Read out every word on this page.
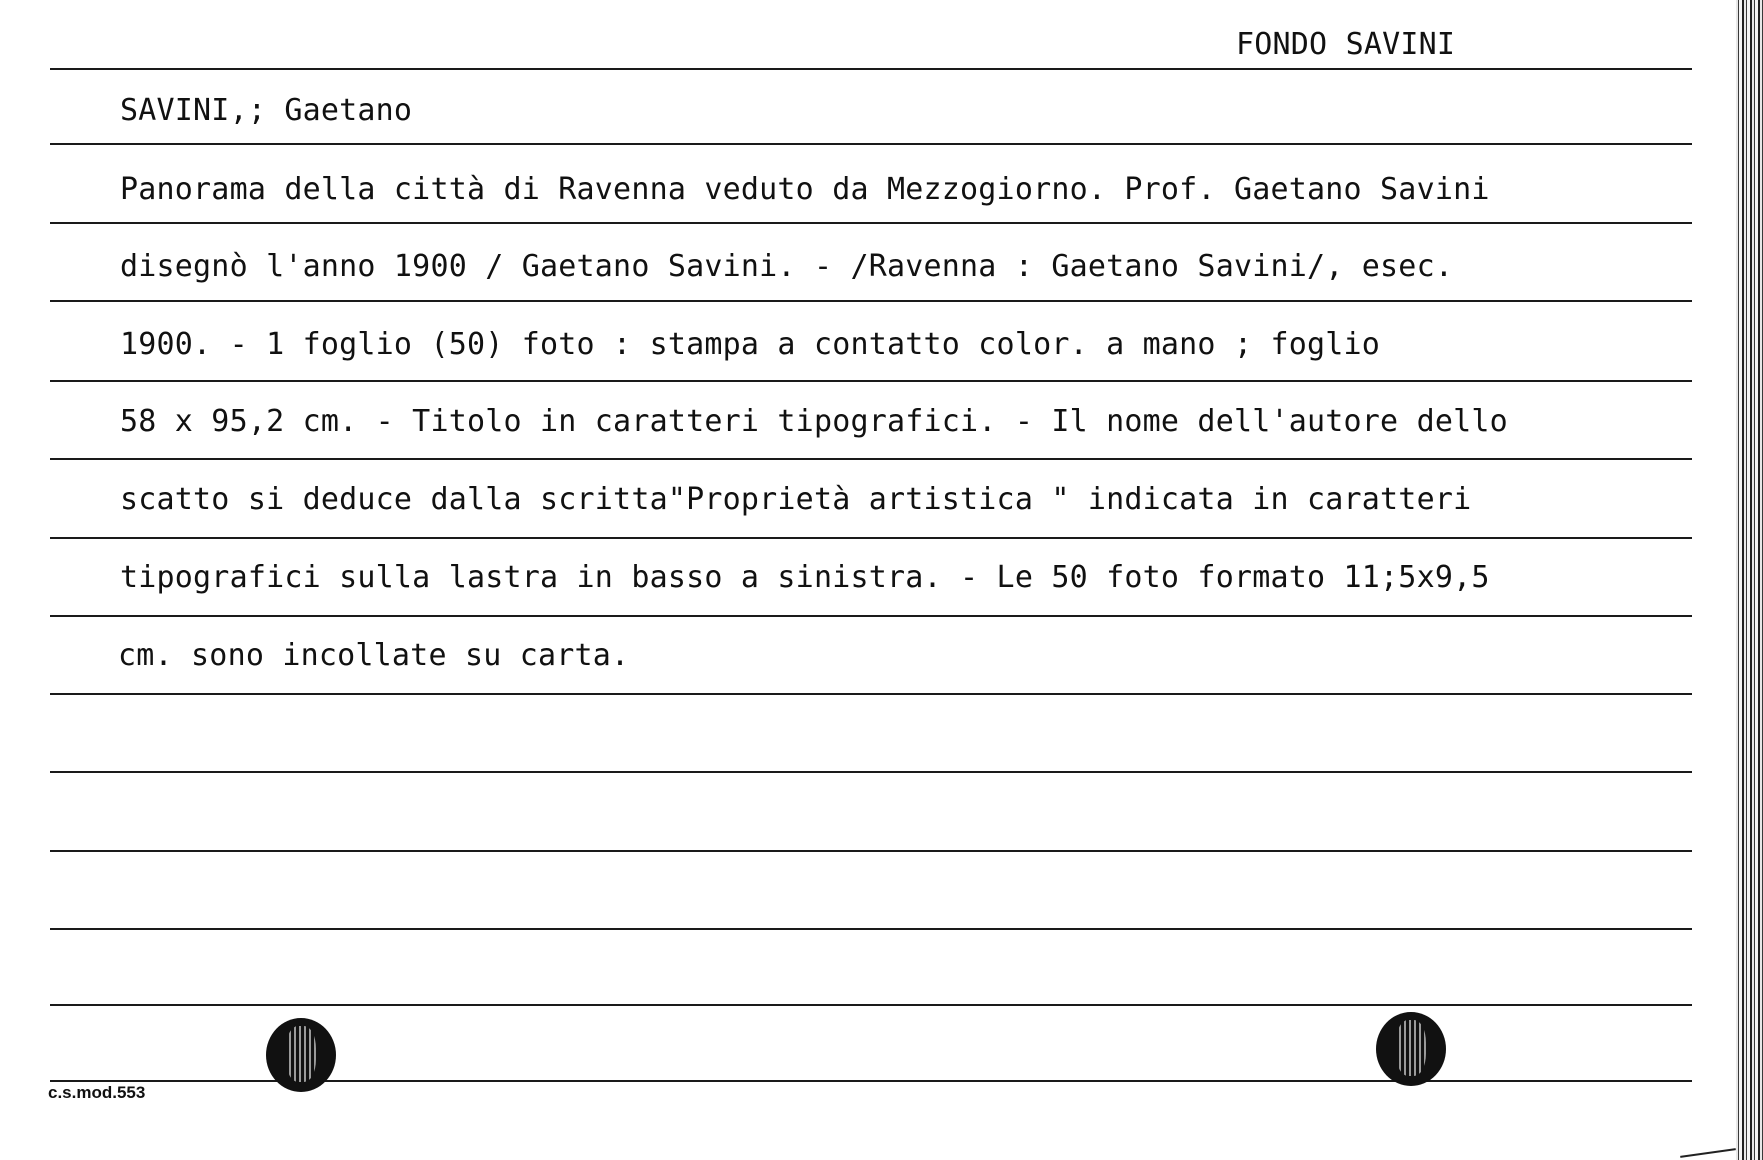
FONDO SAVINI
SAVINI,; Gaetano
Panorama della città di Ravenna veduto da Mezzogiorno. Prof. Gaetano Savini
disegnò l'anno 1900 / Gaetano Savini. - /Ravenna : Gaetano Savini/, esec.
1900. - 1 foglio (50) foto : stampa a contatto color. a mano ; foglio
58 x 95,2 cm. - Titolo in caratteri tipografici. - Il nome dell'autore dello
scatto si deduce dalla scritta"Proprietà artistica " indicata in caratteri
tipografici sulla lastra in basso a sinistra. - Le 50 foto formato 11;5x9,5
cm. sono incollate su carta.
c.s.mod.553
